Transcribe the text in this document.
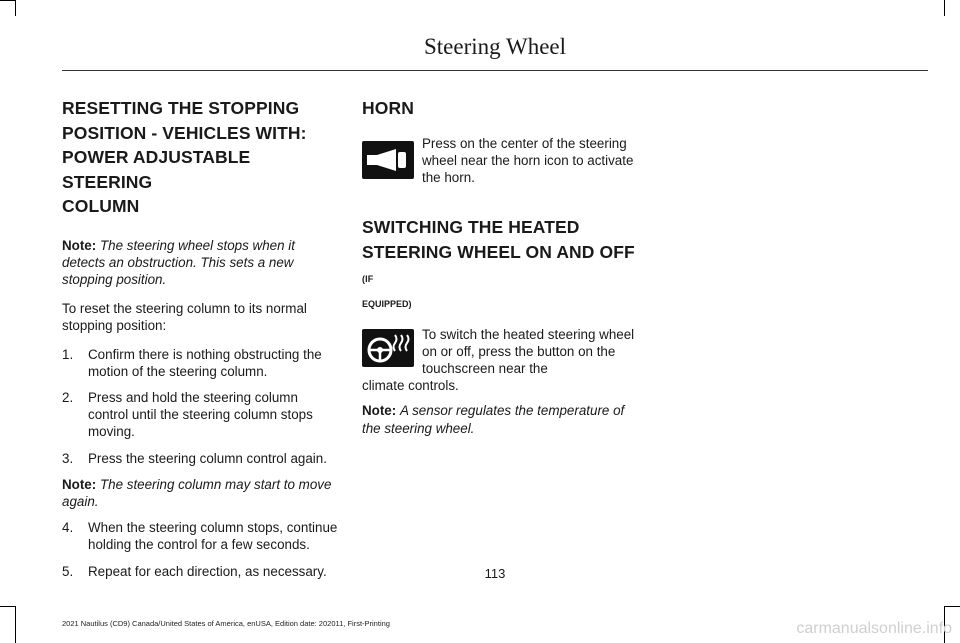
Steering Wheel
RESETTING THE STOPPING
POSITION - VEHICLES WITH:
POWER ADJUSTABLE STEERING
COLUMN

Note: The steering wheel stops when it detects an obstruction. This sets a new stopping position.

To reset the steering column to its normal stopping position:

1. Confirm there is nothing obstructing the motion of the steering column.
2. Press and hold the steering column control until the steering column stops moving.
3. Press the steering column control again.

Note: The steering column may start to move again.

4. When the steering column stops, continue holding the control for a few seconds.
5. Repeat for each direction, as necessary.
HORN

Press on the center of the steering wheel near the horn icon to activate the horn.

SWITCHING THE HEATED
STEERING WHEEL ON AND OFF (IF
EQUIPPED)

To switch the heated steering wheel on or off, press the button on the touchscreen near the

climate controls.

Note: A sensor regulates the temperature of the steering wheel.

113
2021 Nautilus (CD9) Canada/United States of America, enUSA, Edition date: 202011, First-Printing	carmanualsonline.info
